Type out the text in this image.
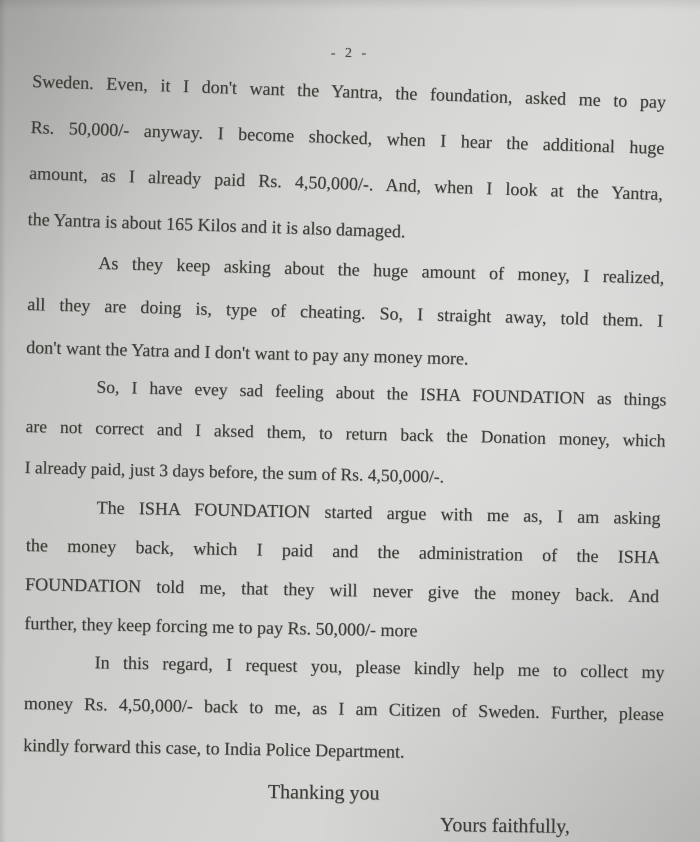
- 2 -
Sweden. Even, it I don't want the Yantra, the foundation, asked me to pay
Rs. 50,000/- anyway. I become shocked, when I hear the additional huge
amount, as I already paid Rs. 4,50,000/-. And, when I look at the Yantra,
the Yantra is about 165 Kilos and it is also damaged.
As they keep asking about the huge amount of money, I realized,
all they are doing is, type of cheating. So, I straight away, told them. I
don't want the Yatra and I don't want to pay any money more.
So, I have evey sad feeling about the ISHA FOUNDATION as things
are not correct and I aksed them, to return back the Donation money, which
I already paid, just 3 days before, the sum of Rs. 4,50,000/-.
The ISHA FOUNDATION started argue with me as, I am asking
the money back, which I paid and the administration of the ISHA
FOUNDATION told me, that they will never give the money back. And
further, they keep forcing me to pay Rs. 50,000/- more
In this regard, I request you, please kindly help me to collect my
money Rs. 4,50,000/- back to me, as I am Citizen of Sweden. Further, please
kindly forward this case, to India Police Department.
Thanking you
Yours faithfully,
